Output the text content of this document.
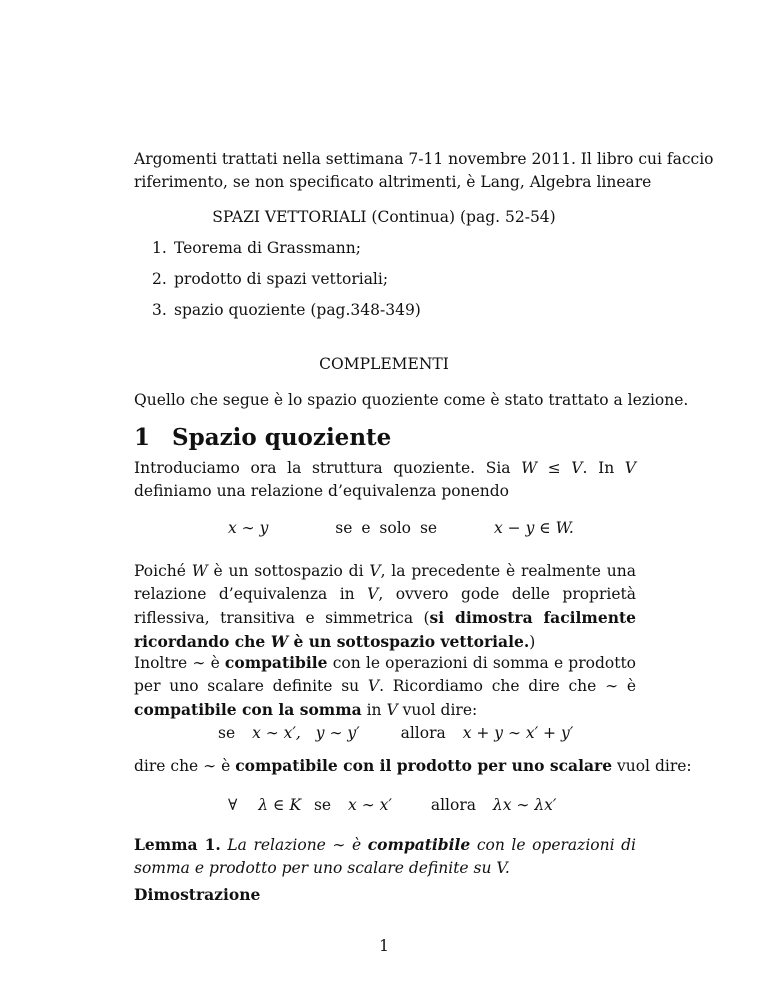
Argomenti trattati nella settimana 7-11 novembre 2011. Il libro cui faccio
riferimento, se non specificato altrimenti, è Lang, Algebra lineare
SPAZI VETTORIALI (Continua) (pag. 52-54)
1. Teorema di Grassmann;
2. prodotto di spazi vettoriali;
3. spazio quoziente (pag.348-349)
COMPLEMENTI
Quello che segue è lo spazio quoziente come è stato trattato a lezione.
1 Spazio quoziente
Introduciamo ora la struttura quoziente. Sia W ≤ V. In V definiamo una relazione d’equivalenza ponendo
x ∼ y	se e solo se	x − y ∈ W.
Poiché W è un sottospazio di V, la precedente è realmente una relazione d’equivalenza in V, ovvero gode delle proprietà riflessiva, transitiva e simmetrica (si dimostra facilmente ricordando che W è un sottospazio vettoriale.)
Inoltre ∼ è compatibile con le operazioni di somma e prodotto per uno scalare definite su V. Ricordiamo che dire che ∼ è compatibile con la somma in V vuol dire:
se x ∼ x′, y ∼ y′	allora x + y ∼ x′ + y′
dire che ∼ è compatibile con il prodotto per uno scalare vuol dire:
∀ λ ∈ K se x ∼ x′	allora λx ∼ λx′
Lemma 1. La relazione ∼ è compatibile con le operazioni di somma e prodotto per uno scalare definite su V.
Dimostrazione
1
